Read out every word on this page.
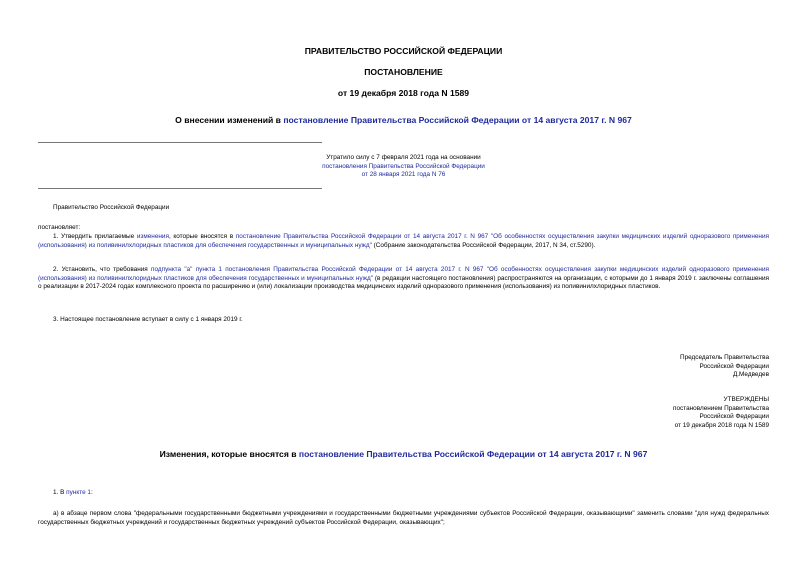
ПРАВИТЕЛЬСТВО РОССИЙСКОЙ ФЕДЕРАЦИИ
ПОСТАНОВЛЕНИЕ
от 19 декабря 2018 года N 1589
О внесении изменений в постановление Правительства Российской Федерации от 14 августа 2017 г. N 967
Утратило силу с 7 февраля 2021 года на основании
постановления Правительства Российской Федерации
от 28 января 2021 года N 76
Правительство Российской Федерации
постановляет:
1. Утвердить прилагаемые изменения, которые вносятся в постановление Правительства Российской Федерации от 14 августа 2017 г. N 967 "Об особенностях осуществления закупки медицинских изделий одноразового применения (использования) из поливинилхлоридных пластиков для обеспечения государственных и муниципальных нужд" (Собрание законодательства Российской Федерации, 2017, N 34, ст.5290).
2. Установить, что требования подпункта "а" пункта 1 постановления Правительства Российской Федерации от 14 августа 2017 г. N 967 "Об особенностях осуществления закупки медицинских изделий одноразового применения (использования) из поливинилхлоридных пластиков для обеспечения государственных и муниципальных нужд" (в редакции настоящего постановления) распространяются на организации, с которыми до 1 января 2019 г. заключены соглашения о реализации в 2017-2024 годах комплексного проекта по расширению и (или) локализации производства медицинских изделий одноразового применения (использования) из поливинилхлоридных пластиков.
3. Настоящее постановление вступает в силу с 1 января 2019 г.
Председатель Правительства
Российской Федерации
Д.Медведев
УТВЕРЖДЕНЫ
постановлением Правительства
Российской Федерации
от 19 декабря 2018 года N 1589
Изменения, которые вносятся в постановление Правительства Российской Федерации от 14 августа 2017 г. N 967
1. В пункте 1:
а) в абзаце первом слова "федеральными государственными бюджетными учреждениями и государственными бюджетными учреждениями субъектов Российской Федерации, оказывающими" заменить словами "для нужд федеральных государственных бюджетных учреждений и государственных бюджетных учреждений субъектов Российской Федерации, оказывающих";
